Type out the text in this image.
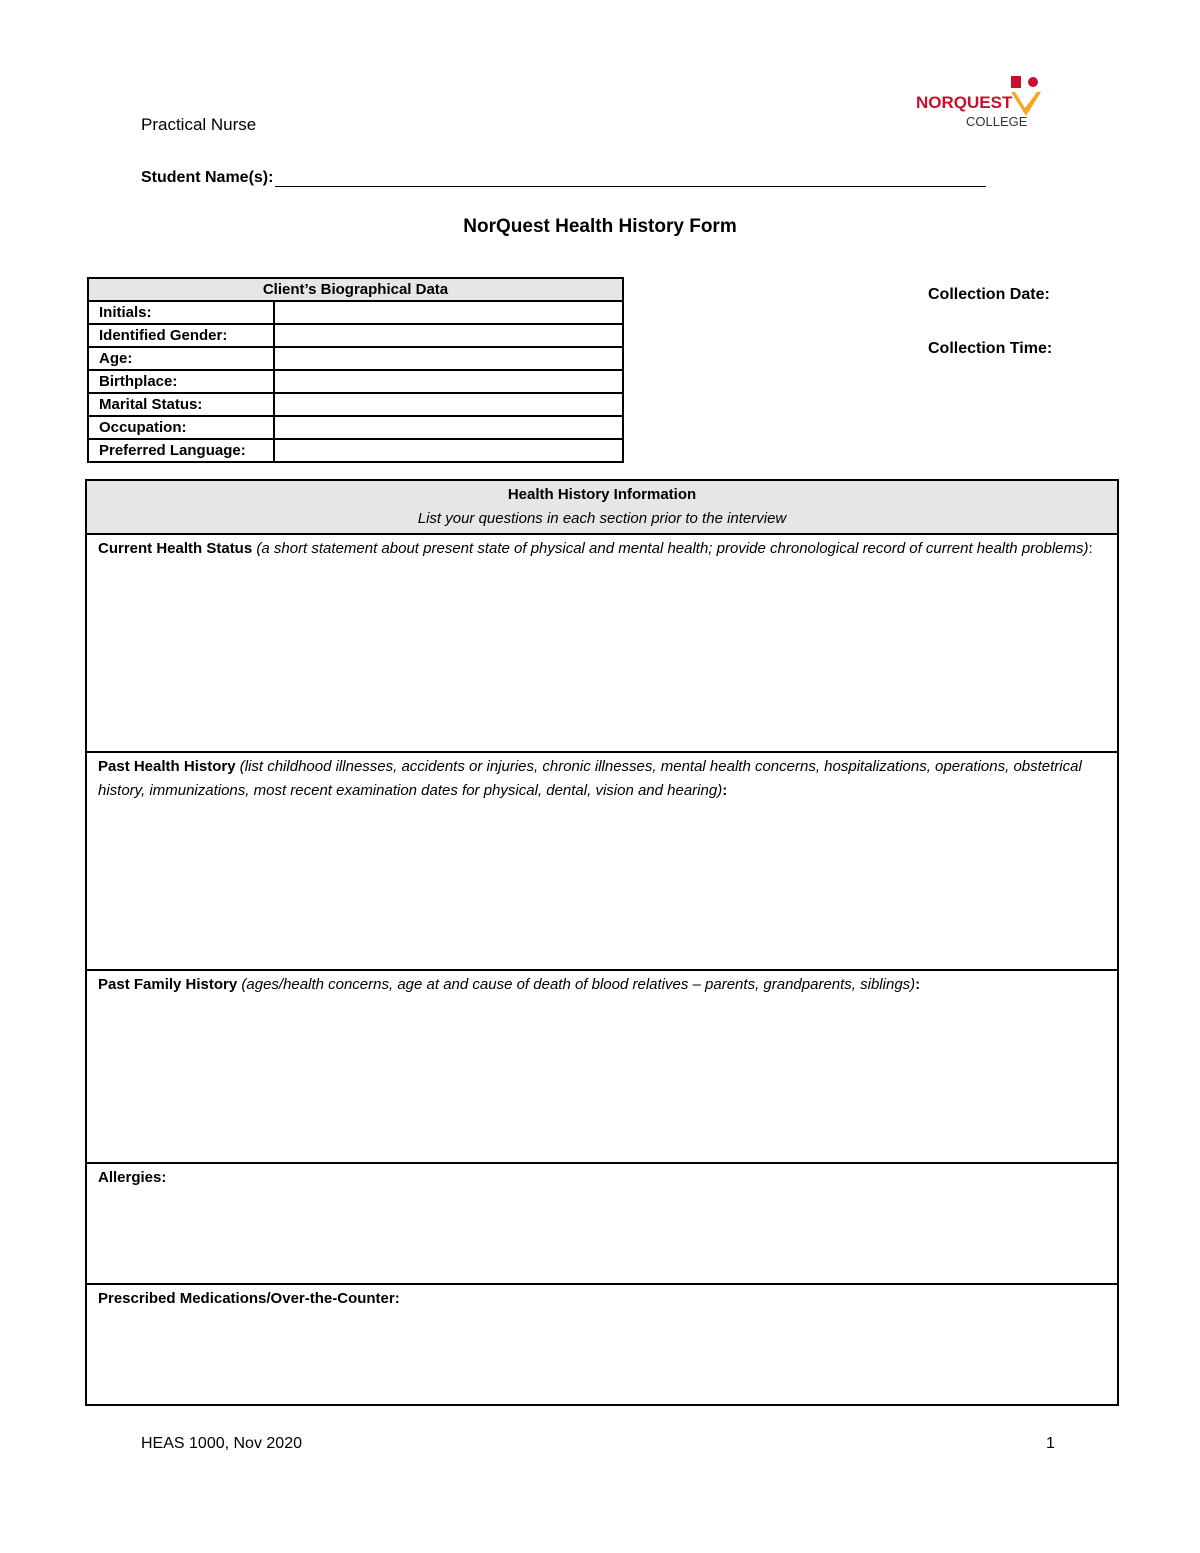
Practical Nurse
NORQUEST
COLLEGE
Student Name(s):
NorQuest Health History Form
Client’s Biographical Data	
Initials:	
Identified Gender:	
Age:	
Birthplace:	
Marital Status:	
Occupation:	
Preferred Language:	
Collection Date:
Collection Time:
Health History Information
List your questions in each section prior to the interview

Current Health Status (a short statement about present state of physical and mental health; provide chronological record of current health problems):
Past Health History (list childhood illnesses, accidents or injuries, chronic illnesses, mental health concerns, hospitalizations, operations, obstetrical history, immunizations, most recent examination dates for physical, dental, vision and hearing):
Past Family History (ages/health concerns, age at and cause of death of blood relatives – parents, grandparents, siblings):
Allergies:
Prescribed Medications/Over-the-Counter:
HEAS 1000, Nov 2020	1
